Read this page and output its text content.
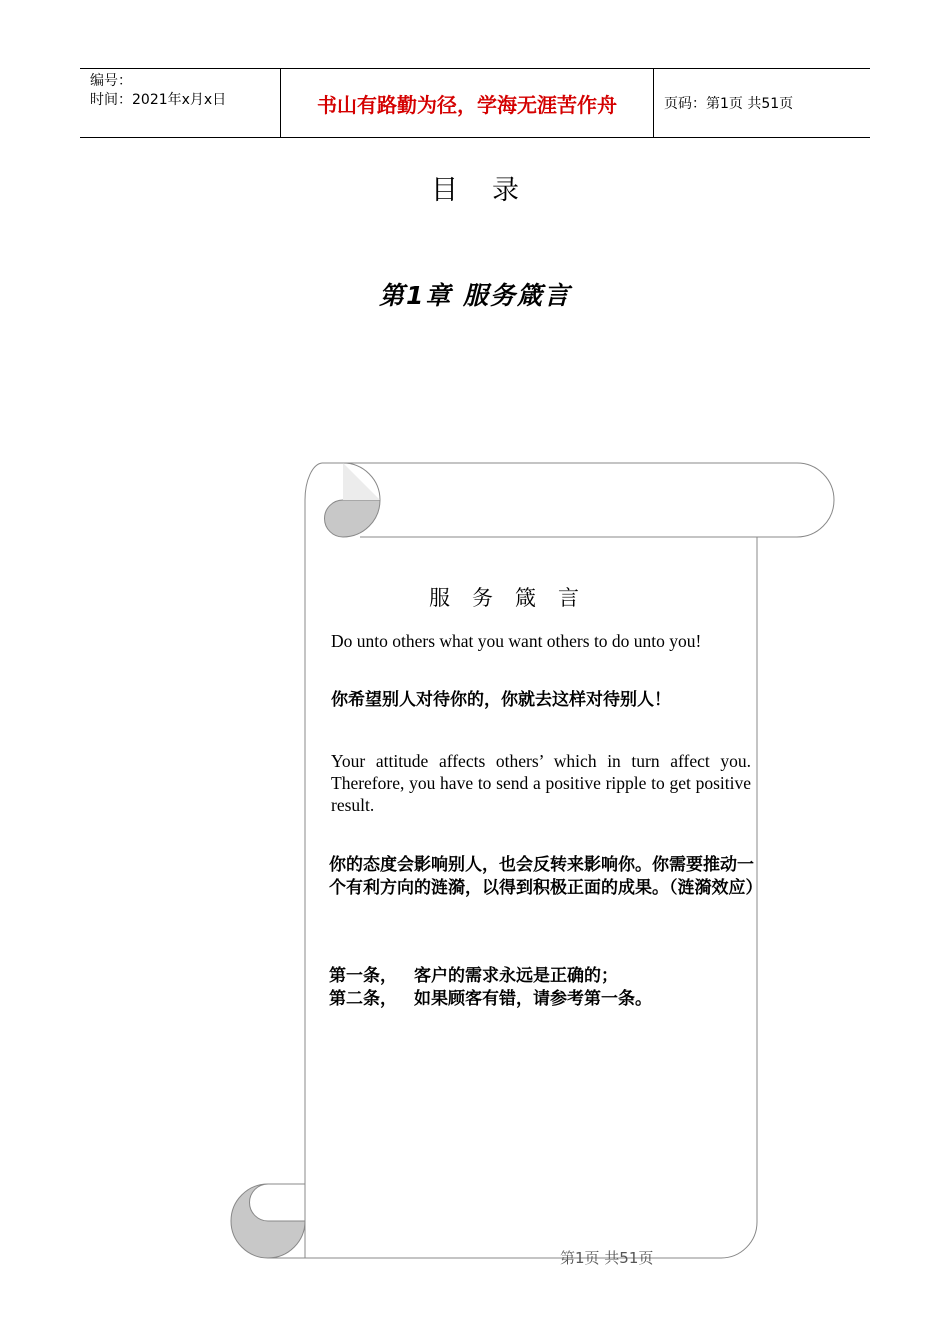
编号：
时间：2021年x月x日	书山有路勤为径，学海无涯苦作舟	页码：第1页 共51页
目录
第1章 服务箴言
服务箴言
Do unto others what you want others to do unto you!
你希望别人对待你的，你就去这样对待别人！
Your attitude affects others’ which in turn affect you. Therefore, you have to send a positive ripple to get positive result.
你的态度会影响别人，也会反转来影响你。你需要推动一个有利方向的涟漪，以得到积极正面的成果。（涟漪效应）
第一条， 客户的需求永远是正确的；
第二条， 如果顾客有错，请参考第一条。
第1页 共51页
